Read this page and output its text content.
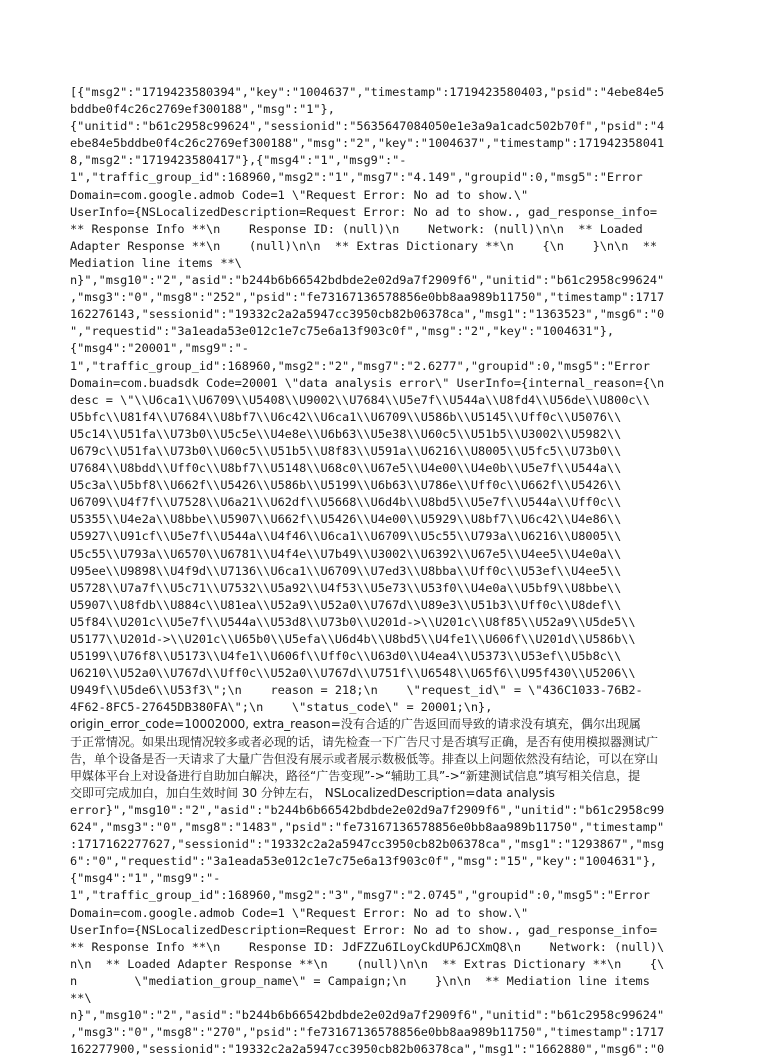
[{"msg2":"1719423580394","key":"1004637","timestamp":1719423580403,"psid":"4ebe84e5
bddbe0f4c26c2769ef300188","msg":"1"},
{"unitid":"b61c2958c99624","sessionid":"5635647084050e1e3a9a1cadc502b70f","psid":"4
ebe84e5bddbe0f4c26c2769ef300188","msg":"2","key":"1004637","timestamp":171942358041
8,"msg2":"1719423580417"},{"msg4":"1","msg9":"-
1","traffic_group_id":168960,"msg2":"1","msg7":"4.149","groupid":0,"msg5":"Error
Domain=com.google.admob Code=1 \"Request Error: No ad to show.\"
UserInfo={NSLocalizedDescription=Request Error: No ad to show., gad_response_info=
** Response Info **\n    Response ID: (null)\n    Network: (null)\n\n  ** Loaded
Adapter Response **\n    (null)\n\n  ** Extras Dictionary **\n    {\n    }\n\n  **
Mediation line items **\
n}","msg10":"2","asid":"b244b6b66542bdbde2e02d9a7f2909f6","unitid":"b61c2958c99624"
,"msg3":"0","msg8":"252","psid":"fe73167136578856e0bb8aa989b11750","timestamp":1717
162276143,"sessionid":"19332c2a2a5947cc3950cb82b06378ca","msg1":"1363523","msg6":"0
","requestid":"3a1eada53e012c1e7c75e6a13f903c0f","msg":"2","key":"1004631"},
{"msg4":"20001","msg9":"-
1","traffic_group_id":168960,"msg2":"2","msg7":"2.6277","groupid":0,"msg5":"Error
Domain=com.buadsdk Code=20001 \"data analysis error\" UserInfo={internal_reason={\n
desc = \"\\U6ca1\\U6709\\U5408\\U9002\\U7684\\U5e7f\\U544a\\U8fd4\\U56de\\U800c\\
U5bfc\\U81f4\\U7684\\U8bf7\\U6c42\\U6ca1\\U6709\\U586b\\U5145\\Uff0c\\U5076\\
U5c14\\U51fa\\U73b0\\U5c5e\\U4e8e\\U6b63\\U5e38\\U60c5\\U51b5\\U3002\\U5982\\
U679c\\U51fa\\U73b0\\U60c5\\U51b5\\U8f83\\U591a\\U6216\\U8005\\U5fc5\\U73b0\\
U7684\\U8bdd\\Uff0c\\U8bf7\\U5148\\U68c0\\U67e5\\U4e00\\U4e0b\\U5e7f\\U544a\\
U5c3a\\U5bf8\\U662f\\U5426\\U586b\\U5199\\U6b63\\U786e\\Uff0c\\U662f\\U5426\\
U6709\\U4f7f\\U7528\\U6a21\\U62df\\U5668\\U6d4b\\U8bd5\\U5e7f\\U544a\\Uff0c\\
U5355\\U4e2a\\U8bbe\\U5907\\U662f\\U5426\\U4e00\\U5929\\U8bf7\\U6c42\\U4e86\\
U5927\\U91cf\\U5e7f\\U544a\\U4f46\\U6ca1\\U6709\\U5c55\\U793a\\U6216\\U8005\\
U5c55\\U793a\\U6570\\U6781\\U4f4e\\U7b49\\U3002\\U6392\\U67e5\\U4ee5\\U4e0a\\
U95ee\\U9898\\U4f9d\\U7136\\U6ca1\\U6709\\U7ed3\\U8bba\\Uff0c\\U53ef\\U4ee5\\
U5728\\U7a7f\\U5c71\\U7532\\U5a92\\U4f53\\U5e73\\U53f0\\U4e0a\\U5bf9\\U8bbe\\
U5907\\U8fdb\\U884c\\U81ea\\U52a9\\U52a0\\U767d\\U89e3\\U51b3\\Uff0c\\U8def\\
U5f84\\U201c\\U5e7f\\U544a\\U53d8\\U73b0\\U201d->\\U201c\\U8f85\\U52a9\\U5de5\\
U5177\\U201d->\\U201c\\U65b0\\U5efa\\U6d4b\\U8bd5\\U4fe1\\U606f\\U201d\\U586b\\
U5199\\U76f8\\U5173\\U4fe1\\U606f\\Uff0c\\U63d0\\U4ea4\\U5373\\U53ef\\U5b8c\\
U6210\\U52a0\\U767d\\Uff0c\\U52a0\\U767d\\U751f\\U6548\\U65f6\\U95f430\\U5206\\
U949f\\U5de6\\U53f3\";\n    reason = 218;\n    \"request_id\" = \"436C1033-76B2-
4F62-8FC5-27645DB380FA\";\n    \"status_code\" = 20001;\n},
origin_error_code=10002000, extra_reason=没有合适的广告返回而导致的请求没有填充，偶尔出现属
于正常情况。如果出现情况较多或者必现的话，请先检查一下广告尺寸是否填写正确，是否有使用模拟器测试广
告，单个设备是否一天请求了大量广告但没有展示或者展示数极低等。排查以上问题依然没有结论，可以在穿山
甲媒体平台上对设备进行自助加白解决，路径“广告变现”->“辅助工具”->“新建测试信息”填写相关信息，提
交即可完成加白，加白生效时间 30 分钟左右， NSLocalizedDescription=data analysis
error}","msg10":"2","asid":"b244b6b66542bdbde2e02d9a7f2909f6","unitid":"b61c2958c99
624","msg3":"0","msg8":"1483","psid":"fe73167136578856e0bb8aa989b11750","timestamp"
:1717162277627,"sessionid":"19332c2a2a5947cc3950cb82b06378ca","msg1":"1293867","msg
6":"0","requestid":"3a1eada53e012c1e7c75e6a13f903c0f","msg":"15","key":"1004631"},
{"msg4":"1","msg9":"-
1","traffic_group_id":168960,"msg2":"3","msg7":"2.0745","groupid":0,"msg5":"Error
Domain=com.google.admob Code=1 \"Request Error: No ad to show.\"
UserInfo={NSLocalizedDescription=Request Error: No ad to show., gad_response_info=
** Response Info **\n    Response ID: JdFZZu6ILoyCkdUP6JCXmQ8\n    Network: (null)\
n\n  ** Loaded Adapter Response **\n    (null)\n\n  ** Extras Dictionary **\n    {\
n        \"mediation_group_name\" = Campaign;\n    }\n\n  ** Mediation line items
**\
n}","msg10":"2","asid":"b244b6b66542bdbde2e02d9a7f2909f6","unitid":"b61c2958c99624"
,"msg3":"0","msg8":"270","psid":"fe73167136578856e0bb8aa989b11750","timestamp":1717
162277900,"sessionid":"19332c2a2a5947cc3950cb82b06378ca","msg1":"1662880","msg6":"0
